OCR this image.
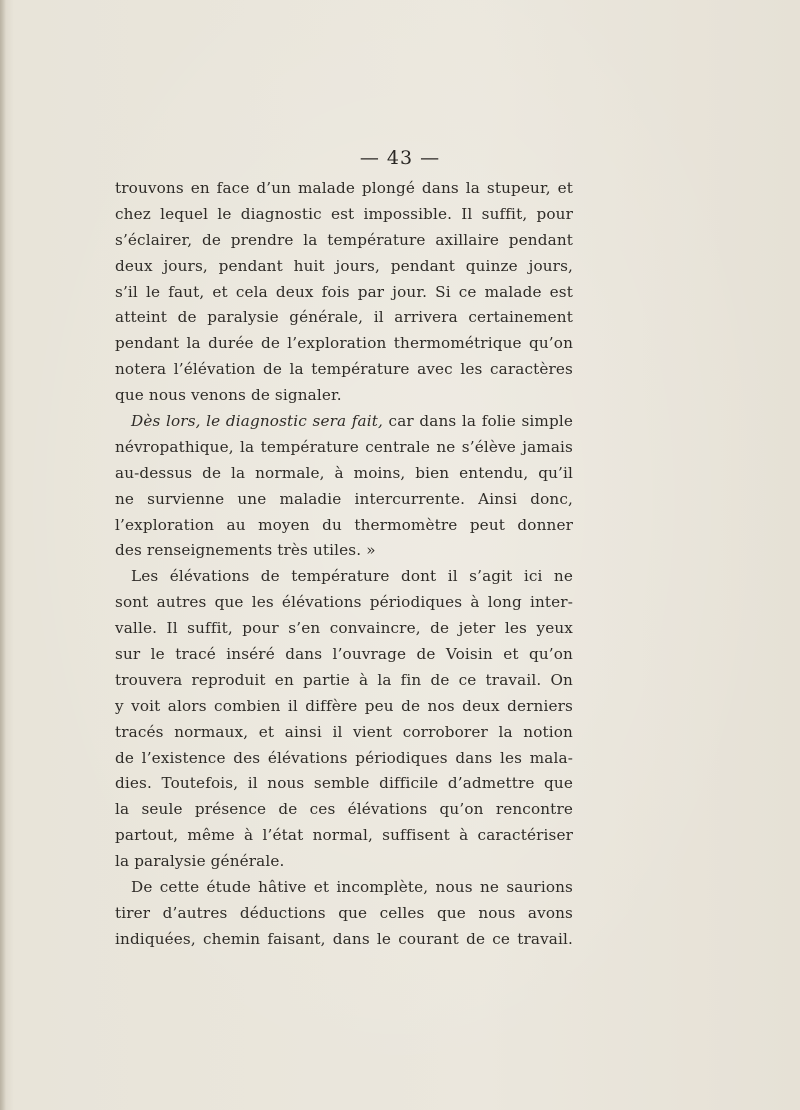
— 43 —
trouvons en face d’un malade plongé dans la stupeur, et
chez lequel le diagnostic est impossible. Il suffit, pour
s’éclairer, de prendre la température axillaire pendant
deux jours, pendant huit jours, pendant quinze jours,
s’il le faut, et cela deux fois par jour. Si ce malade est
atteint de paralysie générale, il arrivera certainement
pendant la durée de l’exploration thermométrique qu’on
notera l’élévation de la température avec les caractères
que nous venons de signaler.
Dès lors, le diagnostic sera fait, car dans la folie simple
névropathique, la température centrale ne s’élève jamais
au-dessus de la normale, à moins, bien entendu, qu’il
ne survienne une maladie intercurrente. Ainsi donc,
l’exploration au moyen du thermomètre peut donner
des renseignements très utiles. »
Les élévations de température dont il s’agit ici ne
sont autres que les élévations périodiques à long inter-
valle. Il suffit, pour s’en convaincre, de jeter les yeux
sur le tracé inséré dans l’ouvrage de Voisin et qu’on
trouvera reproduit en partie à la fin de ce travail. On
y voit alors combien il diffère peu de nos deux derniers
tracés normaux, et ainsi il vient corroborer la notion
de l’existence des élévations périodiques dans les mala-
dies. Toutefois, il nous semble difficile d’admettre que
la seule présence de ces élévations qu’on rencontre
partout, même à l’état normal, suffisent à caractériser
la paralysie générale.
De cette étude hâtive et incomplète, nous ne saurions
tirer d’autres déductions que celles que nous avons
indiquées, chemin faisant, dans le courant de ce travail.
